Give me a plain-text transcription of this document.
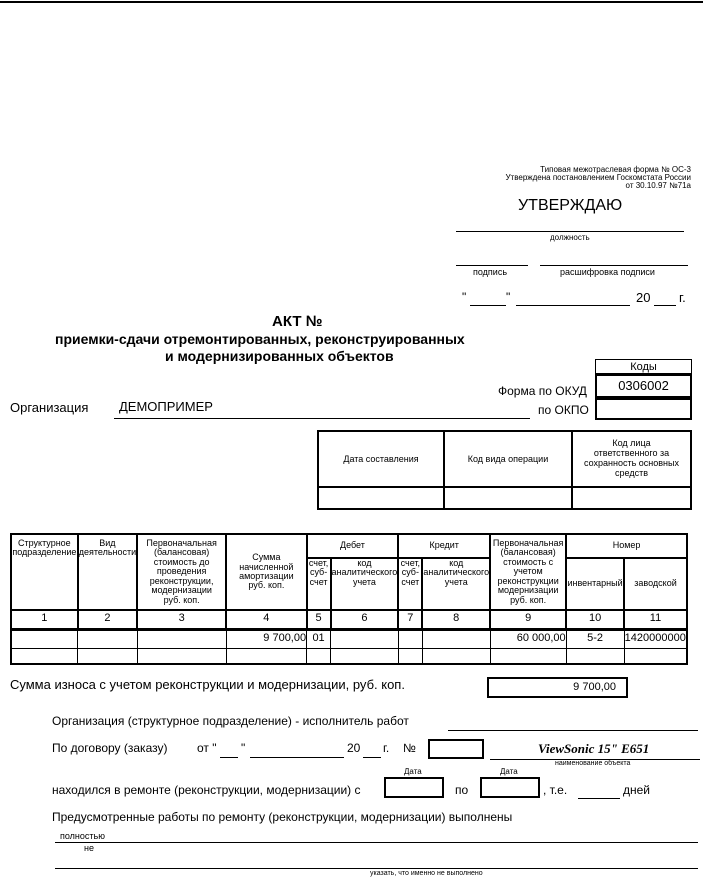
Типовая межотраслевая форма № ОС-3
Утверждена постановлением Госкомстата России
от 30.10.97 №71а
УТВЕРЖДАЮ
должность
подпись	расшифровка подписи
"	"	20 г.
АКТ №
приемки-сдачи отремонтированных, реконструированных
и модернизированных объектов
Коды
0306002
Форма по ОКУД
по ОКПО
Организация ДЕМОПРИМЕР
Дата составления	Код вида операции	Код лица ответственного за сохранность основных средств

Структурное подразделение	Вид деятельности	Первоначальная (балансовая) стоимость до проведения реконструкции, модернизации руб. коп.	Сумма начисленной амортизации руб. коп.	Дебет		Кредит		Первоначальная (балансовая) стоимость с учетом реконструкции модернизации руб. коп.	Номер	
				счет, суб-счет	код аналитического учета	счет, суб-счет	код аналитического учета		инвентарный	заводской
1	2	3	4	5	6	7	8	9	10	11
			9 700,00	01				60 000,00	5-2	1420000000

Сумма износа с учетом реконструкции и модернизации, руб. коп.	9 700,00
Организация (структурное подразделение) - исполнитель работ
По договору (заказу) от " "	20 г. №	ViewSonic 15" E651
наименование объекта
Дата	Дата
находился в ремонте (реконструкции, модернизации) с	по	, т.е.	дней
Предусмотренные работы по ремонту (реконструкции, модернизации) выполнены
полностью
не
указать, что именно не выполнено
